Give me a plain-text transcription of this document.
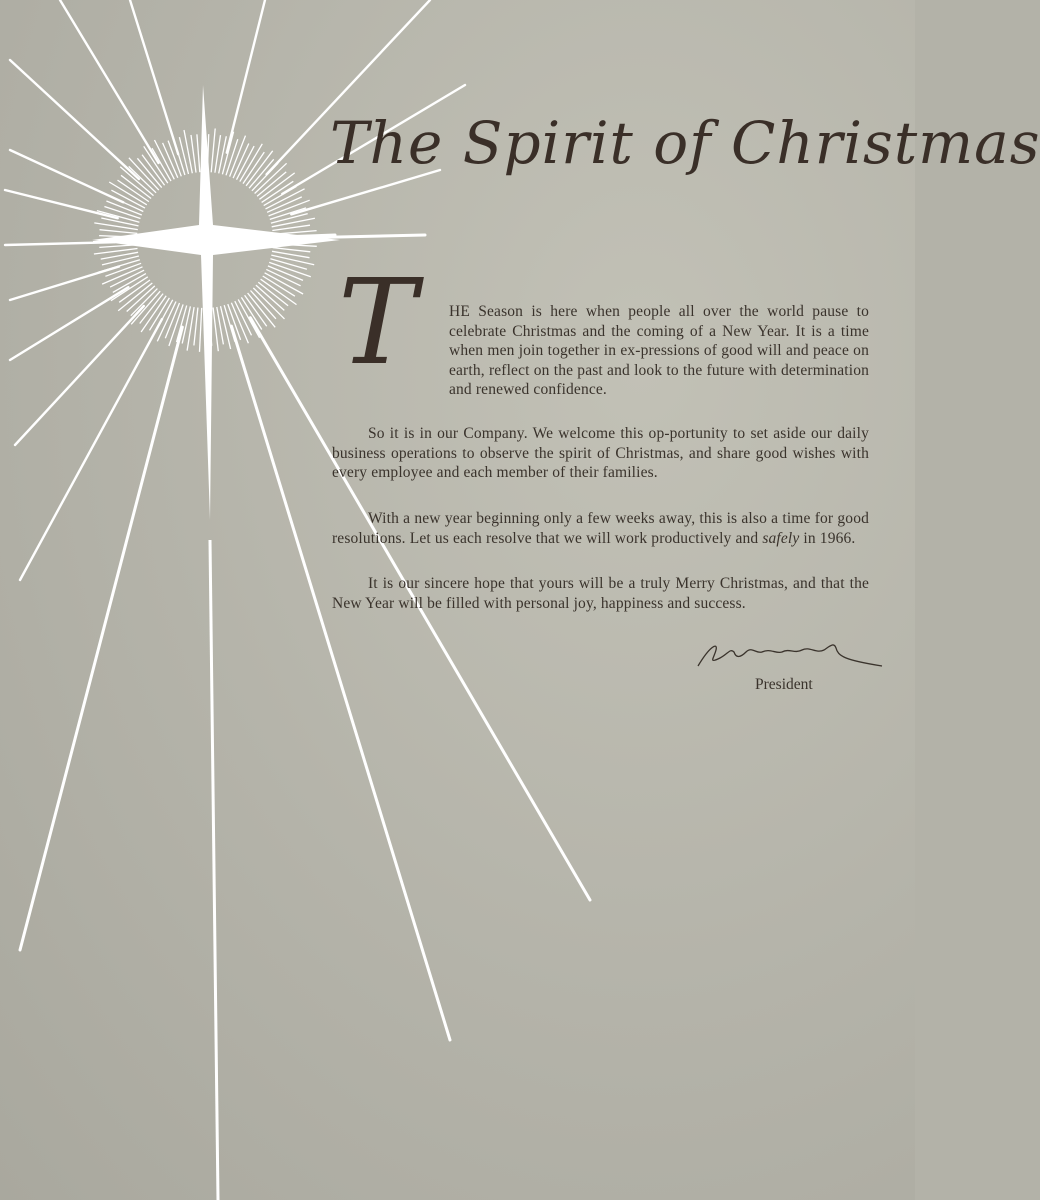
The Spirit of Christmas
T	HE Season is here when people all over the world pause to celebrate Christmas and the coming of a New Year. It is a time when men join together in ex-pressions of good will and peace on earth, reflect on the past and look to the future with determination and renewed confidence.
So it is in our Company. We welcome this op-portunity to set aside our daily business operations to observe the spirit of Christmas, and share good wishes with every employee and each member of their families.
With a new year beginning only a few weeks away, this is also a time for good resolutions. Let us each resolve that we will work productively and safely in 1966.
It is our sincere hope that yours will be a truly Merry Christmas, and that the New Year will be filled with personal joy, happiness and success.
President
